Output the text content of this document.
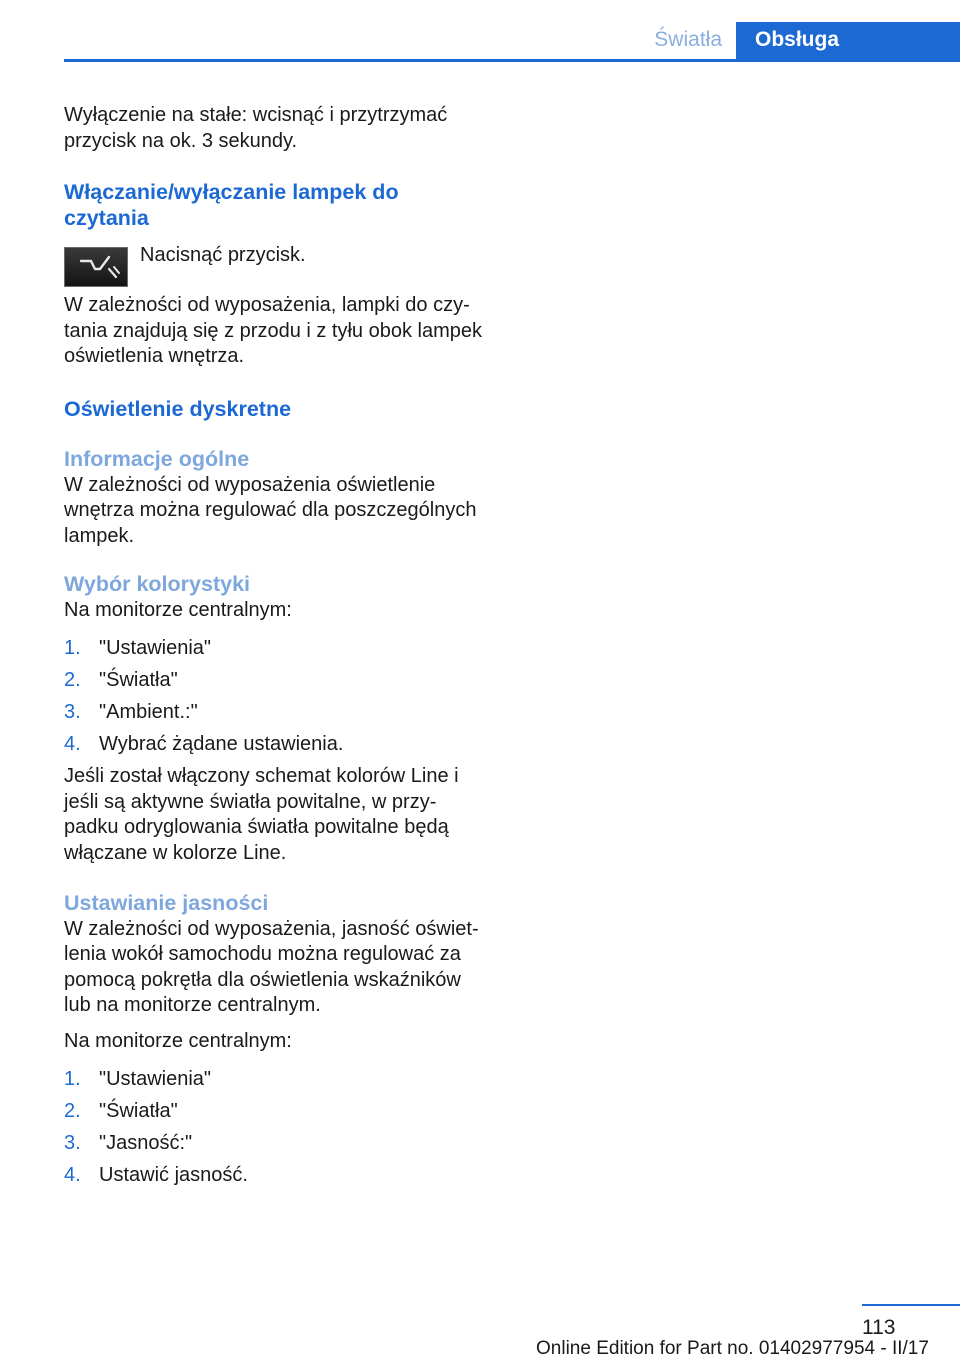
Światła Obsługa

Wyłączenie na stałe: wcisnąć i przytrzymać przycisk na ok. 3 sekundy.

Włączanie/wyłączanie lampek do czytania

Nacisnąć przycisk.

W zależności od wyposażenia, lampki do czytania znajdują się z przodu i z tyłu obok lampek oświetlenia wnętrza.

Oświetlenie dyskretne
Informacje ogólne

W zależności od wyposażenia oświetlenie wnętrza można regulować dla poszczególnych lampek.

Wybór kolorystyki

Na monitorze centralnym:

1. "Ustawienia"
2. "Światła"
3. "Ambient.:"
4. Wybrać żądane ustawienia.

Jeśli został włączony schemat kolorów Line i jeśli są aktywne światła powitalne, w przypadku odryglowania światła powitalne będą włączane w kolorze Line.

Ustawianie jasności

W zależności od wyposażenia, jasność oświetlenia wokół samochodu można regulować za pomocą pokrętła dla oświetlenia wskaźników lub na monitorze centralnym.

Na monitorze centralnym:

1. "Ustawienia"
2. "Światła"
3. "Jasność:"
4. Ustawić jasność.
113
Online Edition for Part no. 01402977954 - II/17
